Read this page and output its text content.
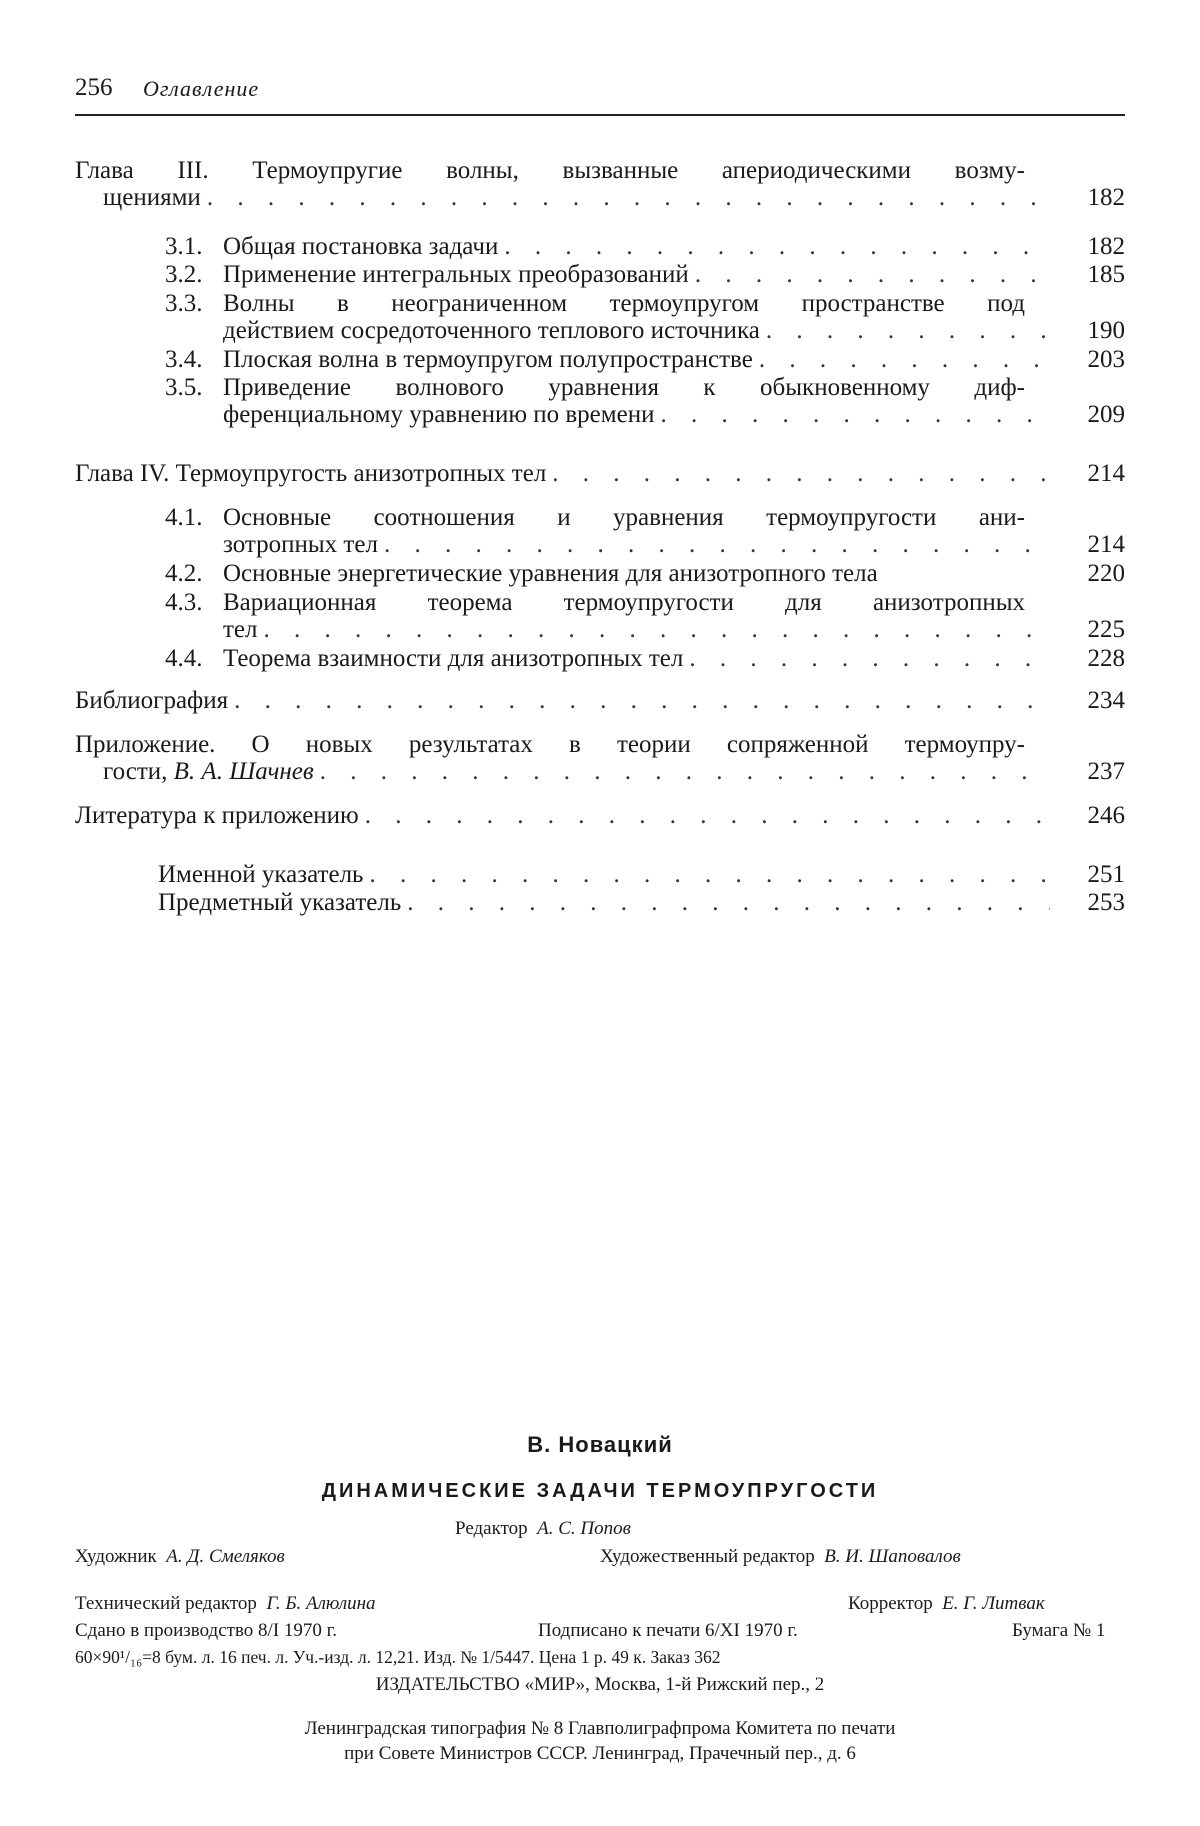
256 Оглавление
Глава III. Термоупругие волны, вызванные апериодическими возму-
щениями . . .	182
3.1. Общая постановка задачи . . .	182
3.2. Применение интегральных преобразований . . .	185
3.3. Волны в неограниченном термоупругом пространстве под
действием сосредоточенного теплового источника . . .	190
3.4. Плоская волна в термоупругом полупространстве . . .	203
3.5. Приведение волнового уравнения к обыкновенному диф-
ференциальному уравнению по времени . . .	209
Глава IV. Термоупругость анизотропных тел . . .	214
4.1. Основные соотношения и уравнения термоупругости ани-
зотропных тел . . .	214
4.2. Основные энергетические уравнения для анизотропного тела	220
4.3. Вариационная теорема термоупругости для анизотропных
тел . . .	225
4.4. Теорема взаимности для анизотропных тел . . .	228
Библиография . . .	234
Приложение. О новых результатах в теории сопряженной термоупру-
гости, В. А. Шачнев . . .	237
Литература к приложению . . .	246
Именной указатель . . .	251
Предметный указатель . . .	253
В. Новацкий
ДИНАМИЧЕСКИЕ ЗАДАЧИ ТЕРМОУПРУГОСТИ
Редактор А. С. Попов
Художник А. Д. Смеляков	Художественный редактор В. И. Шаповалов
Технический редактор Г. Б. Алюлина	Корректор Е. Г. Литвак
Сдано в производство 8/I 1970 г.	Подписано к печати 6/XI 1970 г.	Бумага № 1
60×90¹/₁₆=8 бум. л. 16 печ. л. Уч.-изд. л. 12,21. Изд. № 1/5447. Цена 1 р. 49 к. Заказ 362
ИЗДАТЕЛЬСТВО «МИР», Москва, 1-й Рижский пер., 2
Ленинградская типография № 8 Главполиграфпрома Комитета по печати
при Совете Министров СССР. Ленинград, Прачечный пер., д. 6
